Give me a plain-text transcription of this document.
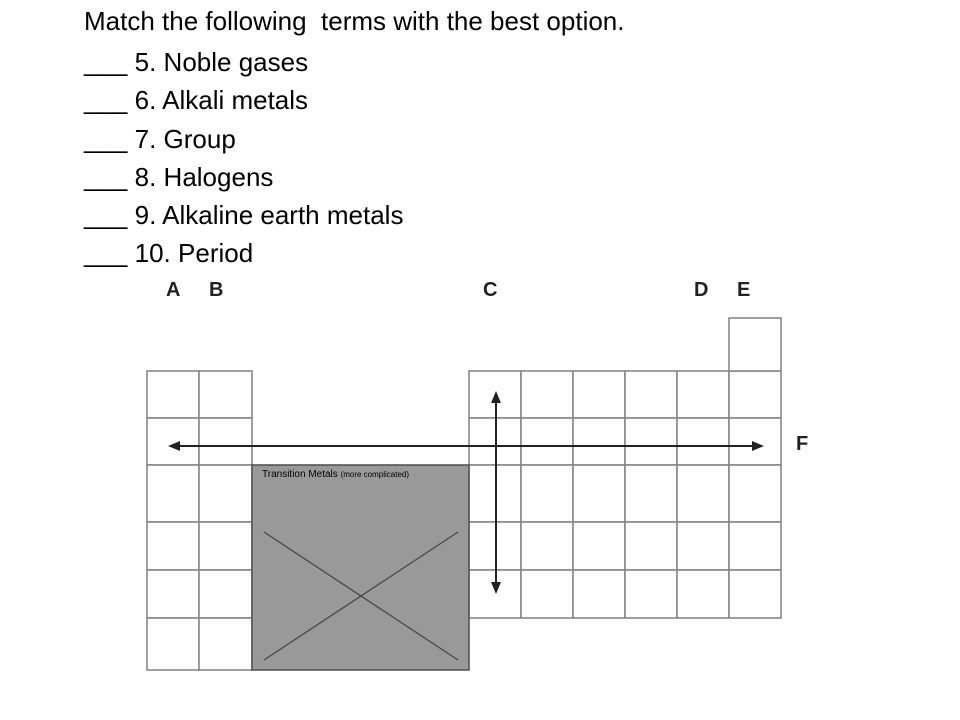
Match the following  terms with the best option.
___ 5. Noble gases
___ 6. Alkali metals
___ 7. Group
___ 8. Halogens
___ 9. Alkaline earth metals
___ 10. Period
A B	C	D E
F
Transition Metals (more complicated)
